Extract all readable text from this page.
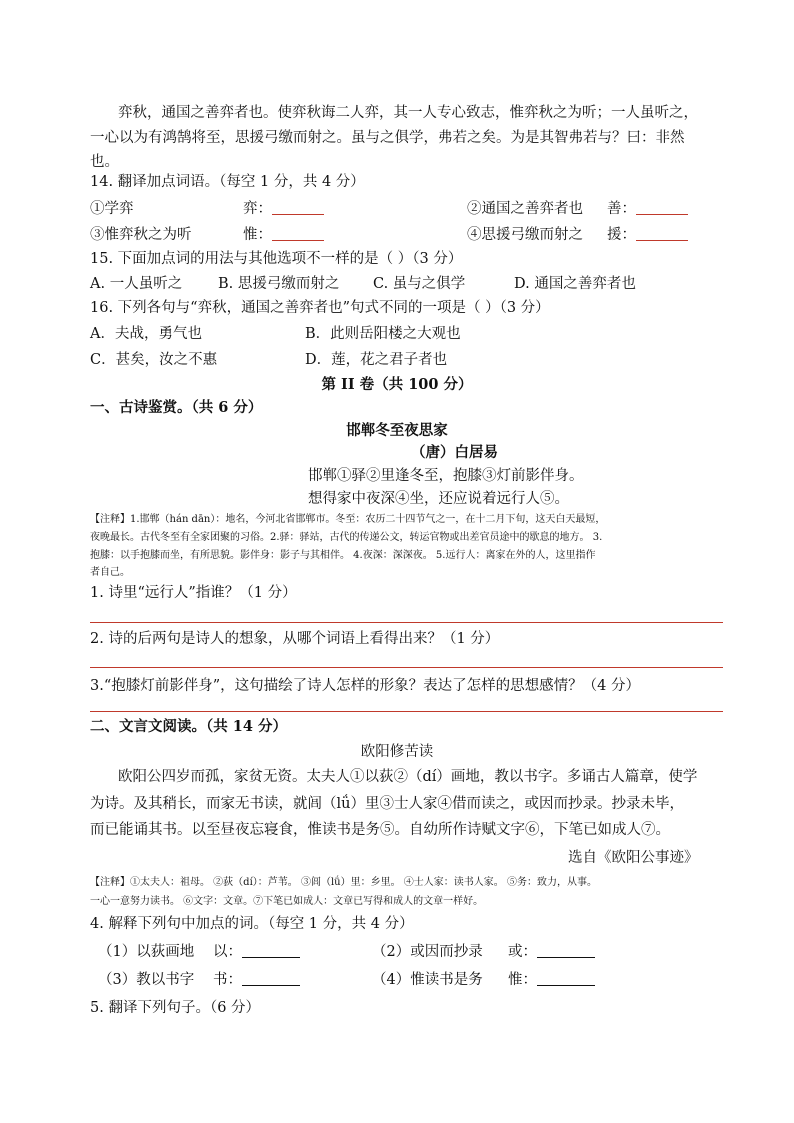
弈秋，通国之善弈者也。使弈秋诲二人弈，其一人专心致志，惟弈秋之为听；一人虽听之，
一心以为有鸿鹄将至，思援弓缴而射之。虽与之俱学，弗若之矣。为是其智弗若与？曰：非然
也。
14. 翻译加点词语。（每空 1 分，共 4 分）
①学弈	弈：	②通国之善弈者也 善：
③惟弈秋之为听	惟：	④思援弓缴而射之 援：
15. 下面加点词的用法与其他选项不一样的是（ ）（3 分）
A. 一人虽听之 B. 思援弓缴而射之 C. 虽与之俱学	D. 通国之善弈者也
16. 下列各句与“弈秋，通国之善弈者也”句式不同的一项是（ ）（3 分）
A．夫战，勇气也	B．此则岳阳楼之大观也
C．甚矣，汝之不惠	D．莲，花之君子者也
第 II 卷（共 100 分）
一、古诗鉴赏。（共 6 分）
邯郸冬至夜思家
（唐）白居易
邯郸①驿②里逢冬至，抱膝③灯前影伴身。
想得家中夜深④坐，还应说着远行人⑤。
【注释】1.邯郸（hán dān）：地名，今河北省邯郸市。冬至：农历二十四节气之一，在十二月下旬，这天白天最短，
夜晚最长。古代冬至有全家团聚的习俗。2.驿：驿站，古代的传递公文，转运官物或出差官员途中的歇息的地方。 3.
抱膝：以手抱膝而坐，有所思貌。影伴身：影子与其相伴。 4.夜深：深深夜。 5.远行人：离家在外的人，这里指作
者自己。
1. 诗里“远行人”指谁？（1 分）
2. 诗的后两句是诗人的想象，从哪个词语上看得出来？（1 分）
3.“抱膝灯前影伴身”，这句描绘了诗人怎样的形象？表达了怎样的思想感情？（4 分）
二、文言文阅读。（共 14 分）
欧阳修苦读
欧阳公四岁而孤，家贫无资。太夫人①以荻②（dí）画地，教以书字。多诵古人篇章，使学
为诗。及其稍长，而家无书读，就闾（lǘ）里③士人家④借而读之，或因而抄录。抄录未毕，
而已能诵其书。以至昼夜忘寝食，惟读书是务⑤。自幼所作诗赋文字⑥，下笔已如成人⑦。
选自《欧阳公事迹》
【注释】①太夫人：祖母。 ②荻（dí）：芦苇。 ③闾（lǘ）里：乡里。 ④士人家：读书人家。 ⑤务：致力，从事。
一心一意努力读书。 ⑥文字：文章。⑦下笔已如成人：文章已写得和成人的文章一样好。
4. 解释下列句中加点的词。（每空 1 分，共 4 分）
（1）以荻画地 以：	（2）或因而抄录 或：
（3）教以书字 书：	（4）惟读书是务 惟：
5. 翻译下列句子。（6 分）
